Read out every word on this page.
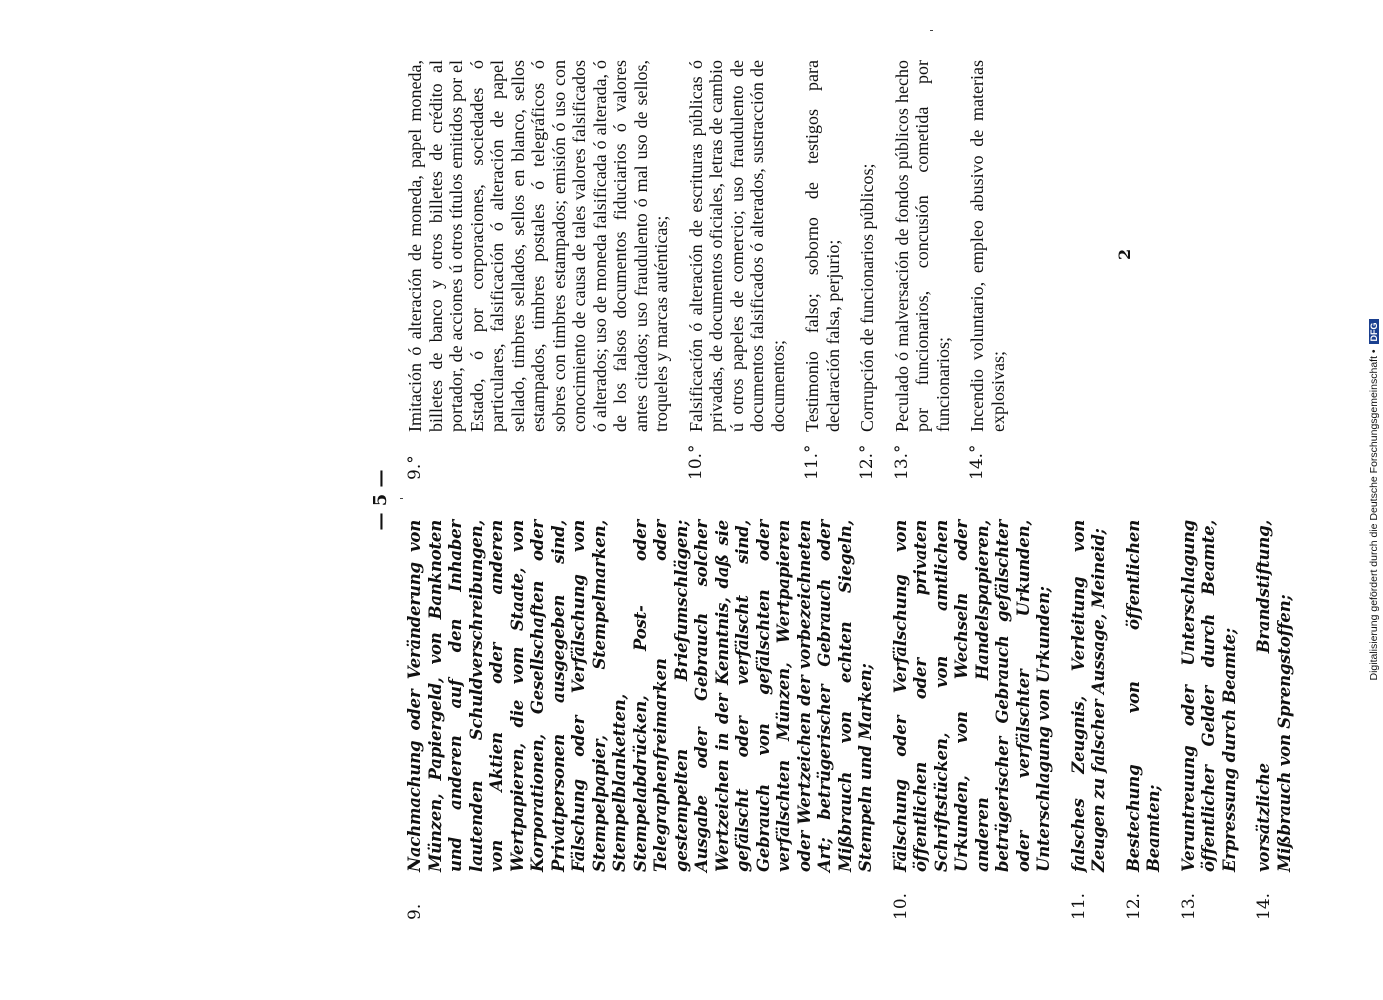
— 5 —
9.
Nachmachung oder Veränderung von Münzen, Papiergeld, von Banknoten und anderen auf den Inhaber lautenden Schuldverschreibungen, von Aktien oder anderen Wertpapieren, die vom Staate, von Korporationen, Gesellschaften oder Privatpersonen ausgegeben sind, Fälschung oder Verfälschung von Stempelpapier, Stempelmarken, Stempelblanketten, Stempelabdrücken, Post- oder Telegraphenfreimarken oder gestempelten Briefumschlägen; Ausgabe oder Gebrauch solcher Wertzeichen in der Kenntnis, daß sie gefälscht oder verfälscht sind, Gebrauch von gefälschten oder verfälschten Münzen, Wertpapieren oder Wertzeichen der vorbezeichneten Art; betrügerischer Gebrauch oder Mißbrauch von echten Siegeln, Stempeln und Marken;
10.
Fälschung oder Verfälschung von öffentlichen oder privaten Schriftstücken, von amtlichen Urkunden, von Wechseln oder anderen Handelspapieren, betrügerischer Gebrauch gefälschter oder verfälschter Urkunden, Unterschlagung von Urkunden;
11.
falsches Zeugnis, Verleitung von Zeugen zu falscher Aussage, Meineid;
12.
Bestechung von öffentlichen Beamten;
13.
Veruntreuung oder Unterschlagung öffentlicher Gelder durch Beamte, Erpressung durch Beamte;
14.
vorsätzliche Brandstiftung, Mißbrauch von Sprengstoffen;
9.°
Imitación ó alteración de moneda, papel moneda, billetes de banco y otros billetes de crédito al portador, de acciones ú otros títulos emitidos por el Estado, ó por corporaciones, sociedades ó particulares, falsificación ó alteración de papel sellado, timbres sellados, sellos en blanco, sellos estampados, timbres postales ó telegráficos ó sobres con timbres estampados; emisión ó uso con conocimiento de causa de tales valores falsificados ó alterados; uso de moneda falsificada ó alterada, ó de los falsos documentos fiduciarios ó valores antes citados; uso fraudulento ó mal uso de sellos, troqueles y marcas auténticas;
10.°
Falsificación ó alteración de escrituras públicas ó privadas, de documentos oficiales, letras de cambio ú otros papeles de comercio; uso fraudulento de documentos falsificados ó alterados, sustracción de documentos;
11.°
Testimonio falso; soborno de testigos para declaración falsa, perjurio;
12.°
Corrupción de funcionarios públicos;
13.°
Peculado ó malversación de fondos públicos hecho por funcionarios, concusión cometida por funcionarios;
14.°
Incendio voluntario, empleo abusivo de materias explosivas;
2
Digitalisierung gefördert durch die Deutsche Forschungsgemeinschaft • DFG
